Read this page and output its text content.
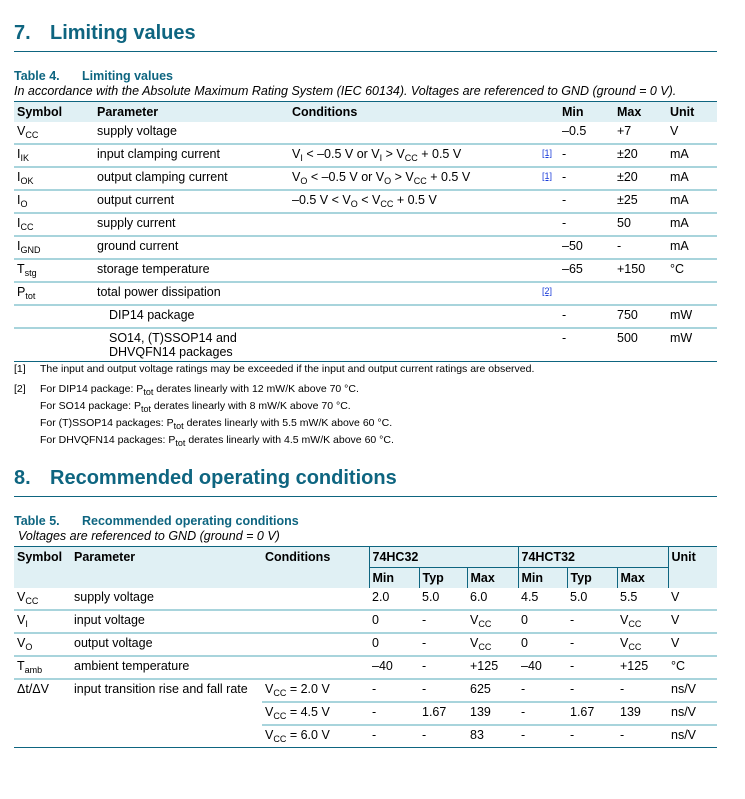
7. Limiting values
Table 4. Limiting values
In accordance with the Absolute Maximum Rating System (IEC 60134). Voltages are referenced to GND (ground = 0 V).
Symbol	Parameter	Conditions		Min	Max	Unit
$V_{CC}$	supply voltage			–0.5	+7	V
$I_{IK}$	input clamping current	$V_I < -0.5$ V or $V_I > V_{CC} + 0.5$ V	[1]	-	±20	mA
$I_{OK}$	output clamping current	$V_O < -0.5$ V or $V_O > V_{CC} + 0.5$ V	[1]	-	±20	mA
$I_O$	output current	–0.5 $V < V_O < V_{CC} + 0.5$ V		-	±25	mA
$I_{CC}$	supply current			-	50	mA
$I_{GND}$	ground current			–50	-	mA
$T_{stg}$	storage temperature			–65	+150	°C
$P_{tot}$	total power dissipation		[2]			
	DIP14 package			-	750	mW
	SO14, (T)SSOP14 and DHVQFN14 packages			-	500	mW
[1] The input and output voltage ratings may be exceeded if the input and output current ratings are observed.
[2] For DIP14 package: $P_{tot}$ derates linearly with 12 mW/K above 70 °C.
For SO14 package: $P_{tot}$ derates linearly with 8 mW/K above 70 °C.
For (T)SSOP14 packages: $P_{tot}$ derates linearly with 5.5 mW/K above 60 °C.
For DHVQFN14 packages: $P_{tot}$ derates linearly with 4.5 mW/K above 60 °C.
8. Recommended operating conditions
Table 5. Recommended operating conditions
Voltages are referenced to GND (ground = 0 V)
Symbol	Parameter	Conditions	74HC32			74HCT32			Unit
			Min	Typ	Max	Min	Typ	Max	
$V_{CC}$	supply voltage		2.0	5.0	6.0	4.5	5.0	5.5	V
$V_I$	input voltage		0	-	$V_{CC}$	0	-	$V_{CC}$	V
$V_O$	output voltage		0	-	$V_{CC}$	0	-	$V_{CC}$	V
$T_{amb}$	ambient temperature		–40	-	+125	–40	-	+125	°C
Δt/ΔV	input transition rise and fall rate	$V_{CC} = 2.0$ V	-	-	625	-	-	-	ns/V
		$V_{CC} = 4.5$ V	-	1.67	139	-	1.67	139	ns/V
		$V_{CC} = 6.0$ V	-	-	83	-	-	-	ns/V
